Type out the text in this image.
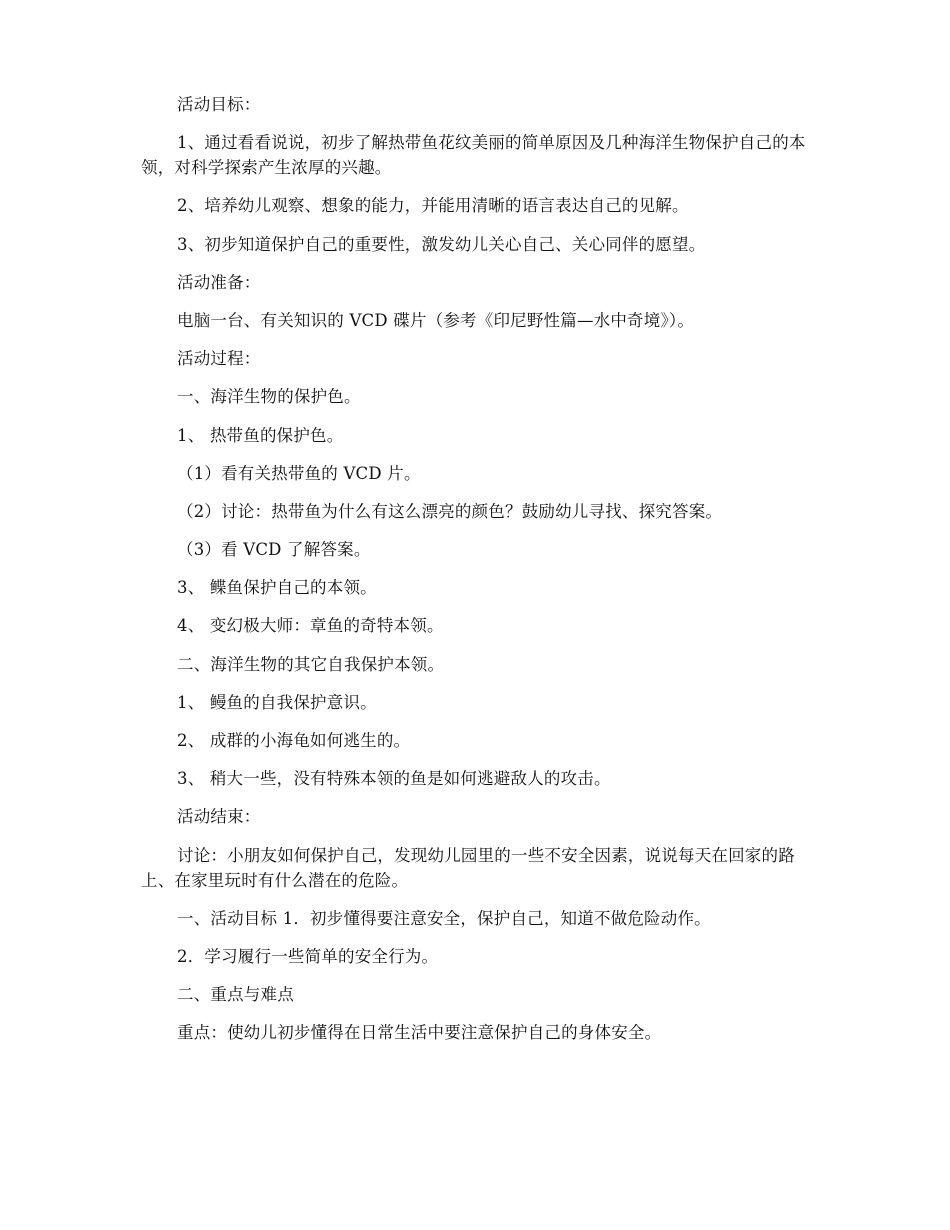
活动目标：

1、通过看看说说，初步了解热带鱼花纹美丽的简单原因及几种海洋生物保护自己的本领，对科学探索产生浓厚的兴趣。

2、培养幼儿观察、想象的能力，并能用清晰的语言表达自己的见解。

3、初步知道保护自己的重要性，激发幼儿关心自己、关心同伴的愿望。

活动准备：

电脑一台、有关知识的 VCD 碟片（参考《印尼野性篇—水中奇境》）。

活动过程：

一、海洋生物的保护色。

1、 热带鱼的保护色。

（1）看有关热带鱼的 VCD 片。

（2）讨论：热带鱼为什么有这么漂亮的颜色？鼓励幼儿寻找、探究答案。

（3）看 VCD 了解答案。

3、 鲽鱼保护自己的本领。

4、 变幻极大师：章鱼的奇特本领。

二、海洋生物的其它自我保护本领。

1、 鳗鱼的自我保护意识。

2、 成群的小海龟如何逃生的。

3、 稍大一些，没有特殊本领的鱼是如何逃避敌人的攻击。

活动结束：

讨论：小朋友如何保护自己，发现幼儿园里的一些不安全因素，说说每天在回家的路上、在家里玩时有什么潜在的危险。

一、活动目标 1．初步懂得要注意安全，保护自己，知道不做危险动作。

2．学习履行一些简单的安全行为。

二、重点与难点

重点：使幼儿初步懂得在日常生活中要注意保护自己的身体安全。
